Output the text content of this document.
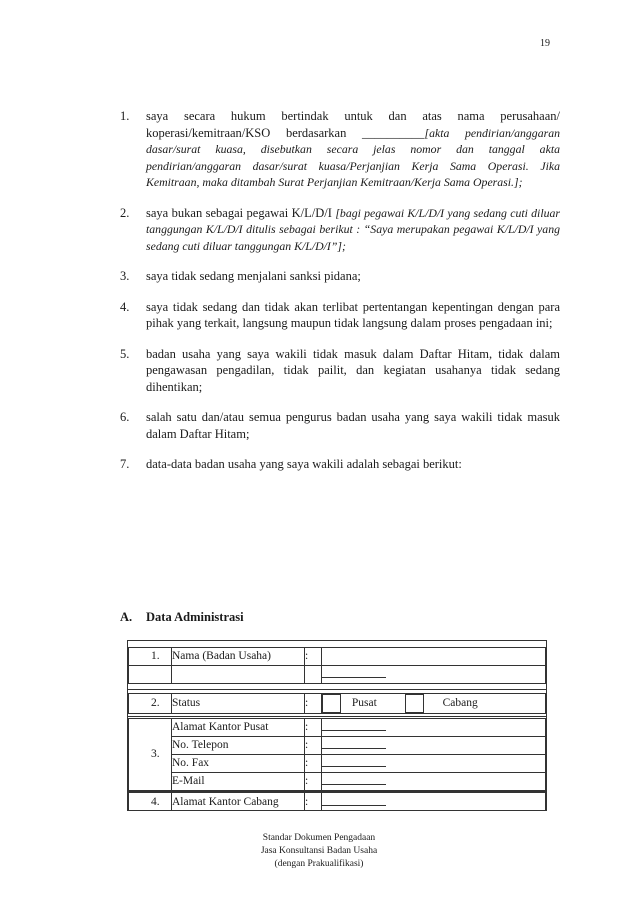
19
1. saya secara hukum bertindak untuk dan atas nama perusahaan/ koperasi/kemitraan/KSO berdasarkan __________[akta pendirian/anggaran dasar/surat kuasa, disebutkan secara jelas nomor dan tanggal akta pendirian/anggaran dasar/surat kuasa/Perjanjian Kerja Sama Operasi. Jika Kemitraan, maka ditambah Surat Perjanjian Kemitraan/Kerja Sama Operasi.];
2. saya bukan sebagai pegawai K/L/D/I [bagi pegawai K/L/D/I yang sedang cuti diluar tanggungan K/L/D/I ditulis sebagai berikut : “Saya merupakan pegawai K/L/D/I yang sedang cuti diluar tanggungan K/L/D/I”];
3. saya tidak sedang menjalani sanksi pidana;
4. saya tidak sedang dan tidak akan terlibat pertentangan kepentingan dengan para pihak yang terkait, langsung maupun tidak langsung dalam proses pengadaan ini;
5. badan usaha yang saya wakili tidak masuk dalam Daftar Hitam, tidak dalam pengawasan pengadilan, tidak pailit, dan kegiatan usahanya tidak sedang dihentikan;
6. salah satu dan/atau semua pengurus badan usaha yang saya wakili tidak masuk dalam Daftar Hitam;
7. data-data badan usaha yang saya wakili adalah sebagai berikut:
A. Data Administrasi
1.	Nama (Badan Usaha)	:	

2.	Status	:	Pusat	Cabang

3.	Alamat Kantor Pusat	:	
No. Telepon	:	
No. Fax	:	
E-Mail	:	

4.	Alamat Kantor Cabang	:	
Standar Dokumen Pengadaan
Jasa Konsultansi Badan Usaha
(dengan Prakualifikasi)
